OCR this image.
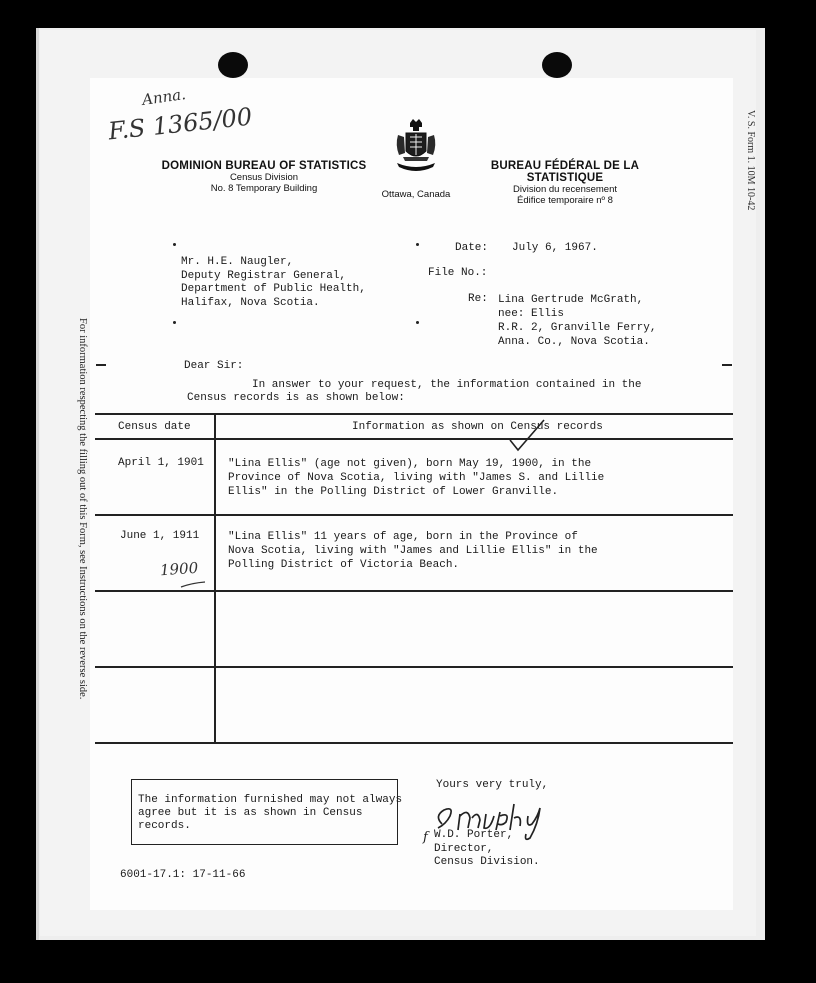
For information respecting the filling out of this Form, see Instructions on the reverse side.
V. S. Form 1. 10M 10-42
Anna.
F.S 1365/00
DOMINION BUREAU OF STATISTICS
Census Division
No. 8 Temporary Building
Ottawa, Canada
BUREAU FÉDÉRAL DE LA STATISTIQUE
Division du recensement
Édifice temporaire nº 8
Mr. H.E. Naugler,
Deputy Registrar General,
Department of Public Health,
Halifax, Nova Scotia.
Date: July 6, 1967.
File No.:
Re: Lina Gertrude McGrath,
nee: Ellis
R.R. 2, Granville Ferry,
Anna. Co., Nova Scotia.
Dear Sir:
In answer to your request, the information contained in the
Census records is as shown below:
Census date	Information as shown on Census records
April 1, 1901 "Lina Ellis" (age not given), born May 19, 1900, in the
Province of Nova Scotia, living with "James S. and Lillie
Ellis" in the Polling District of Lower Granville.
June 1, 1911	"Lina Ellis" 11 years of age, born in the Province of
Nova Scotia, living with "James and Lillie Ellis" in the
Polling District of Victoria Beach.
1900
The information furnished may not always
agree but it is as shown in Census
records.
Yours very truly,
f W.D. Porter,
Director,
Census Division.
6001-17.1: 17-11-66
